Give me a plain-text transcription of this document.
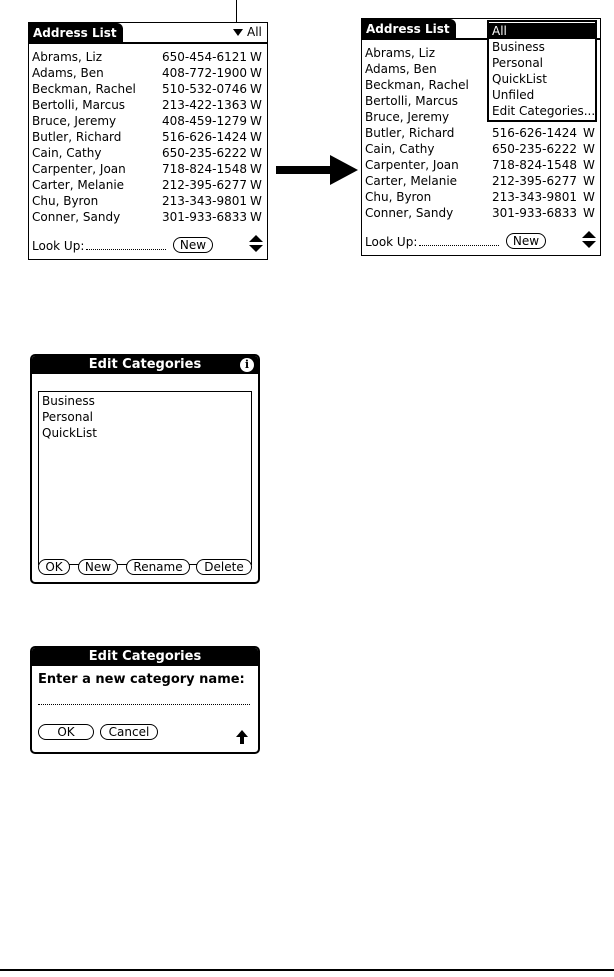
Address List	All
Abrams, Liz	650-454-6121 W
Adams, Ben	408-772-1900 W
Beckman, Rachel 510-532-0746 W
Bertolli, Marcus	213-422-1363 W
Bruce, Jeremy	408-459-1279 W
Butler, Richard	516-626-1424 W
Cain, Cathy	650-235-6222 W
Carpenter, Joan	718-824-1548 W
Carter, Melanie	212-395-6277 W
Chu, Byron	213-343-9801 W
Conner, Sandy	301-933-6833 W
Look Up:	New
Address List
Abrams, Liz
Adams, Ben
Beckman, Rachel
Bertolli, Marcus
Bruce, Jeremy
Butler, Richard	516-626-1424 W
Cain, Cathy	650-235-6222 W
Carpenter, Joan	718-824-1548 W
Carter, Melanie	212-395-6277 W
Chu, Byron	213-343-9801 W
Conner, Sandy	301-933-6833 W
All
Business
Personal
QuickList
Unfiled
Edit Categories...
Look Up:	New
Edit Categories	i
Business
Personal
QuickList
OK	New	Rename	Delete
Edit Categories
Enter a new category name:
OK	Cancel
